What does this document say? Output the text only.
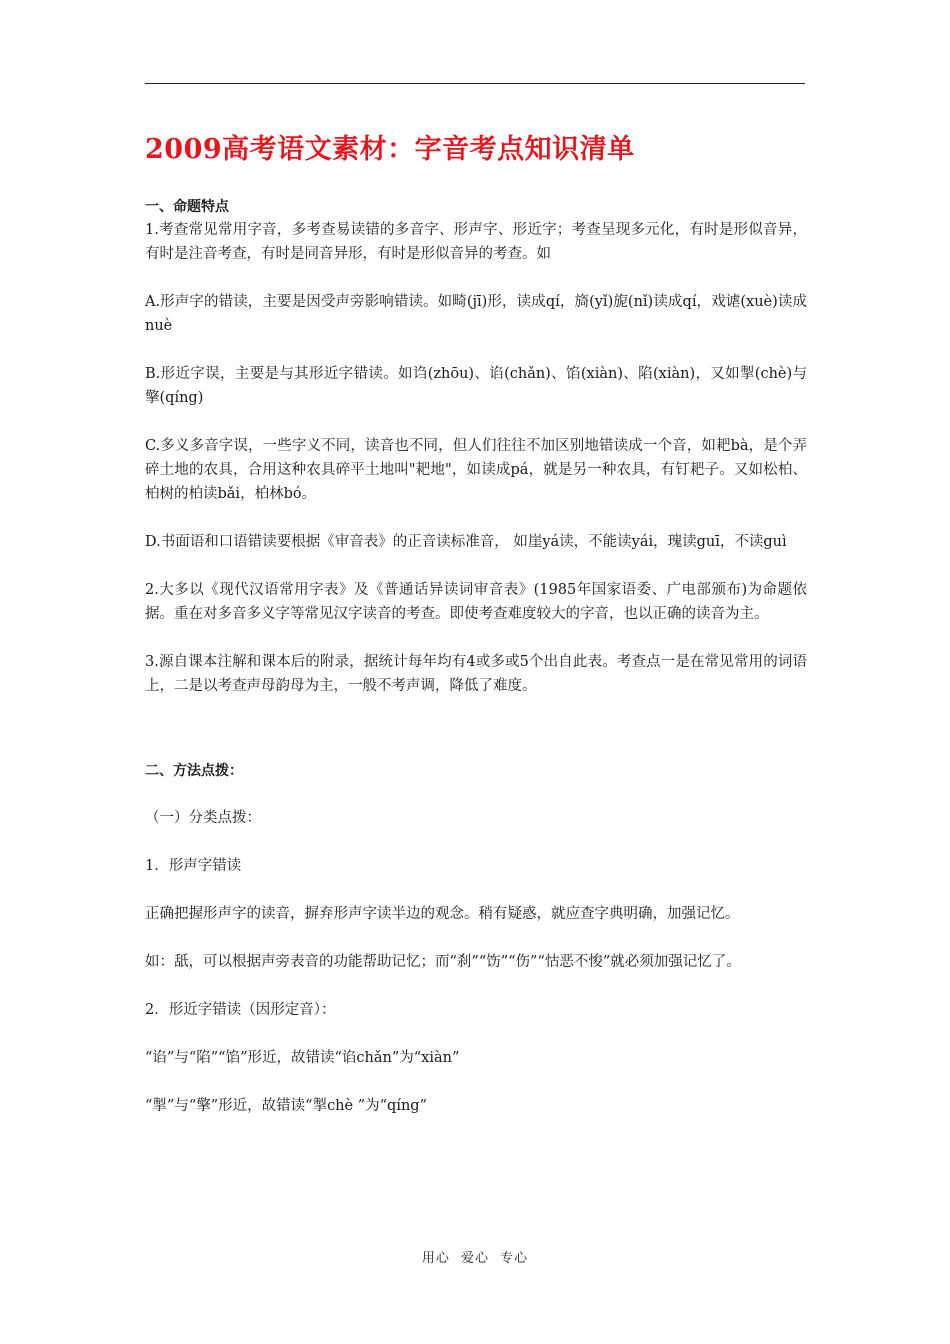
2009高考语文素材：字音考点知识清单

一、命题特点

1.考查常见常用字音，多考查易读错的多音字、形声字、形近字；考查呈现多元化，有时是形似音异，有时是注音考查，有时是同音异形，有时是形似音异的考查。如

A.形声字的错读，主要是因受声旁影响错读。如畸(jī)形，读成qí，旖(yǐ)旎(nǐ)读成qí，戏谑(xuè)读成nuè

B.形近字误，主要是与其形近字错读。如诌(zhōu)、谄(chǎn)、馅(xiàn)、陷(xiàn)，又如掣(chè)与擎(qíng)

C.多义多音字误，一些字义不同，读音也不同，但人们往往不加区别地错读成一个音，如耙bà，是个弄碎土地的农具，合用这种农具碎平土地叫"耙地"，如读成pá，就是另一种农具，有钉耙子。又如松柏、柏树的柏读bǎi，柏林bó。

D.书面语和口语错读要根据《审音表》的正音读标准音， 如崖yá读，不能读yái，瑰读guī，不读guì

2.大多以《现代汉语常用字表》及《普通话异读词审音表》(1985年国家语委、广电部颁布)为命题依据。重在对多音多义字等常见汉字读音的考查。即使考查难度较大的字音，也以正确的读音为主。

3.源自课本注解和课本后的附录，据统计每年均有4或多或5个出自此表。考查点一是在常见常用的词语上，二是以考查声母韵母为主，一般不考声调，降低了难度。

二、方法点拨：

（一）分类点拨：

1．形声字错读

正确把握形声字的读音，摒弃形声字读半边的观念。稍有疑惑，就应查字典明确，加强记忆。

如：舐，可以根据声旁表音的功能帮助记忆；而“刹”“饬”“伤”“怙恶不悛”就必须加强记忆了。

2．形近字错读（因形定音）：

“谄”与“陷”“馅”形近，故错读“谄chǎn”为“xiàn”

“掣”与“擎”形近，故错读“掣chè ”为“qíng”

用心 爱心 专心
